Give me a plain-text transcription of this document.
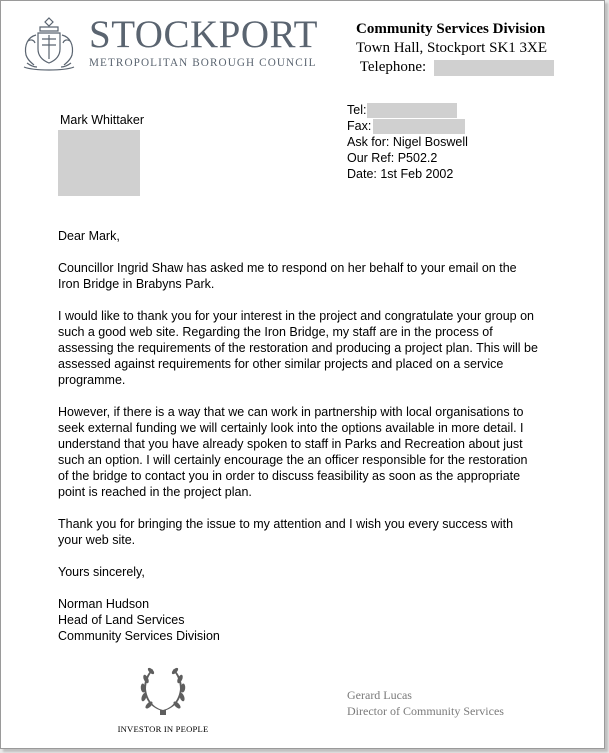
STOCKPORT
METROPOLITAN BOROUGH COUNCIL
Community Services Division
Town Hall, Stockport SK1 3XE
Telephone:
Mark Whittaker
Tel:
Fax:
Ask for: Nigel Boswell
Our Ref: P502.2
Date: 1st Feb 2002

Dear Mark,

Councillor Ingrid Shaw has asked me to respond on her behalf to your email on the Iron Bridge in Brabyns Park.

I would like to thank you for your interest in the project and congratulate your group on such a good web site. Regarding the Iron Bridge, my staff are in the process of assessing the requirements of the restoration and producing a project plan. This will be assessed against requirements for other similar projects and placed on a service programme.

However, if there is a way that we can work in partnership with local organisations to seek external funding we will certainly look into the options available in more detail. I understand that you have already spoken to staff in Parks and Recreation about just such an option. I will certainly encourage the an officer responsible for the restoration of the bridge to contact you in order to discuss feasibility as soon as the appropriate point is reached in the project plan.

Thank you for bringing the issue to my attention and I wish you every success with your web site.

Yours sincerely,

Norman Hudson

Head of Land Services

Community Services Division

INVESTOR IN PEOPLE
Gerard Lucas
Director of Community Services
